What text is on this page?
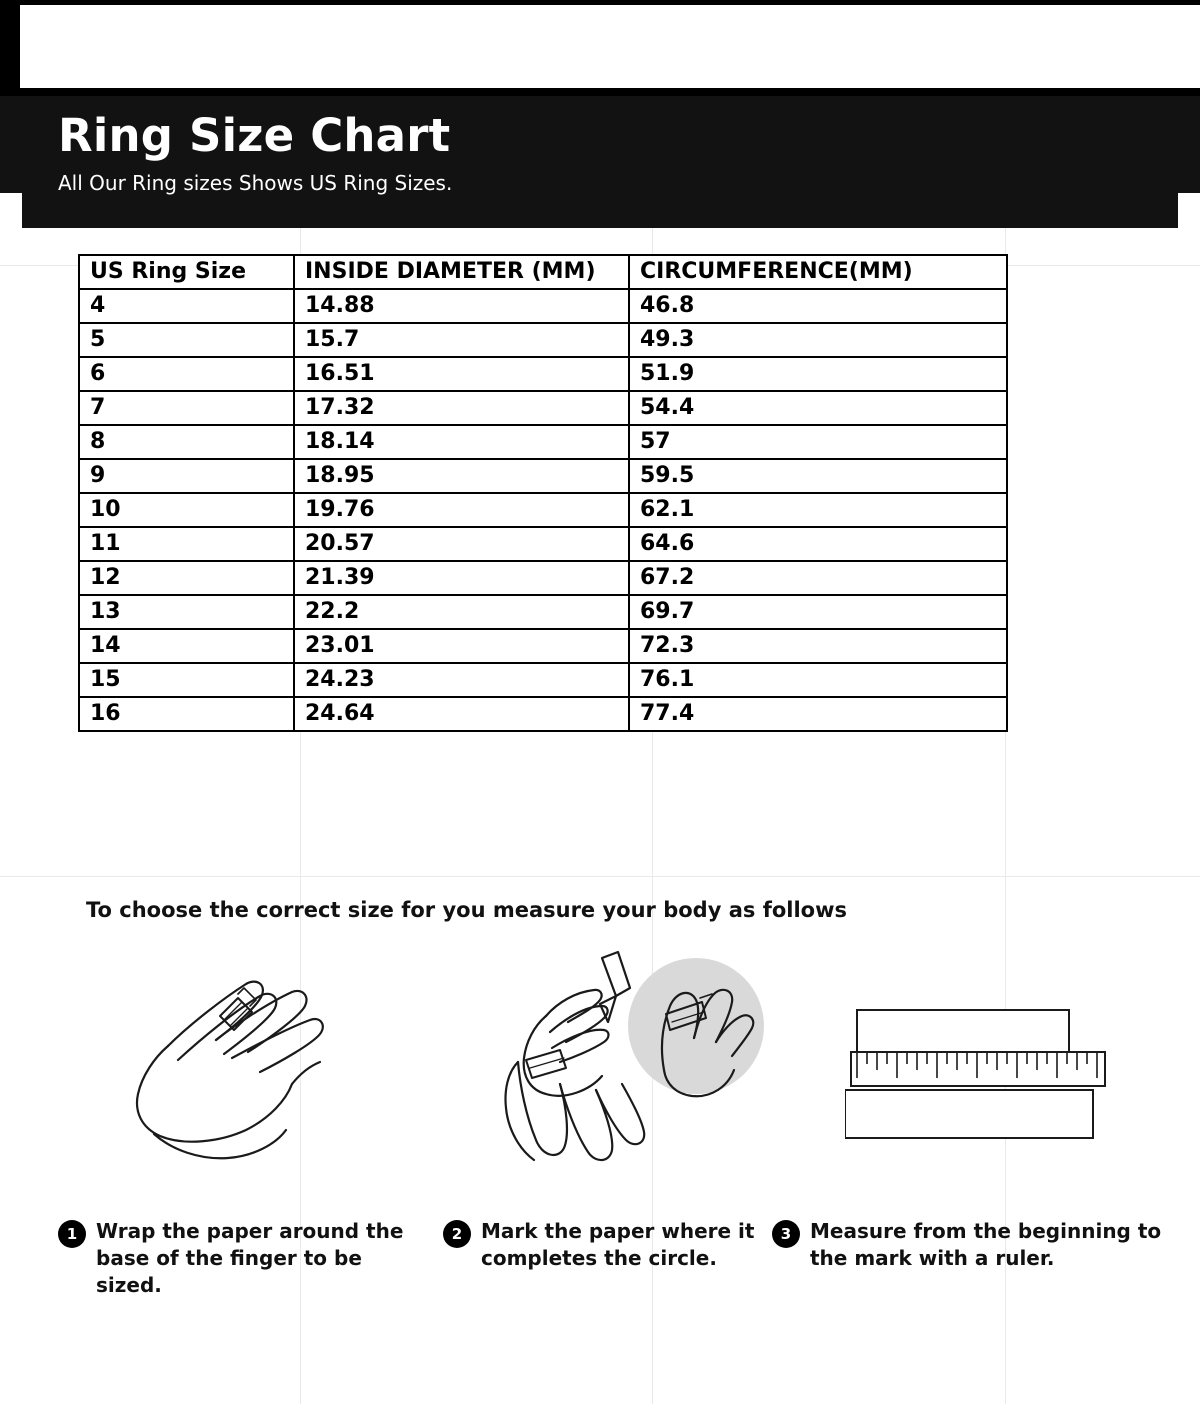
Ring Size Chart
All Our Ring sizes Shows US Ring Sizes.
US Ring Size	INSIDE DIAMETER (MM)	CIRCUMFERENCE(MM)
4	14.88	46.8
5	15.7	49.3
6	16.51	51.9
7	17.32	54.4
8	18.14	57
9	18.95	59.5
10	19.76	62.1
11	20.57	64.6
12	21.39	67.2
13	22.2	69.7
14	23.01	72.3
15	24.23	76.1
16	24.64	77.4
To choose the correct size for you measure your body as follows
1 Wrap the paper around the base of the finger to be sized.
2 Mark the paper where it completes the circle.
3 Measure from the beginning to the mark with a ruler.
